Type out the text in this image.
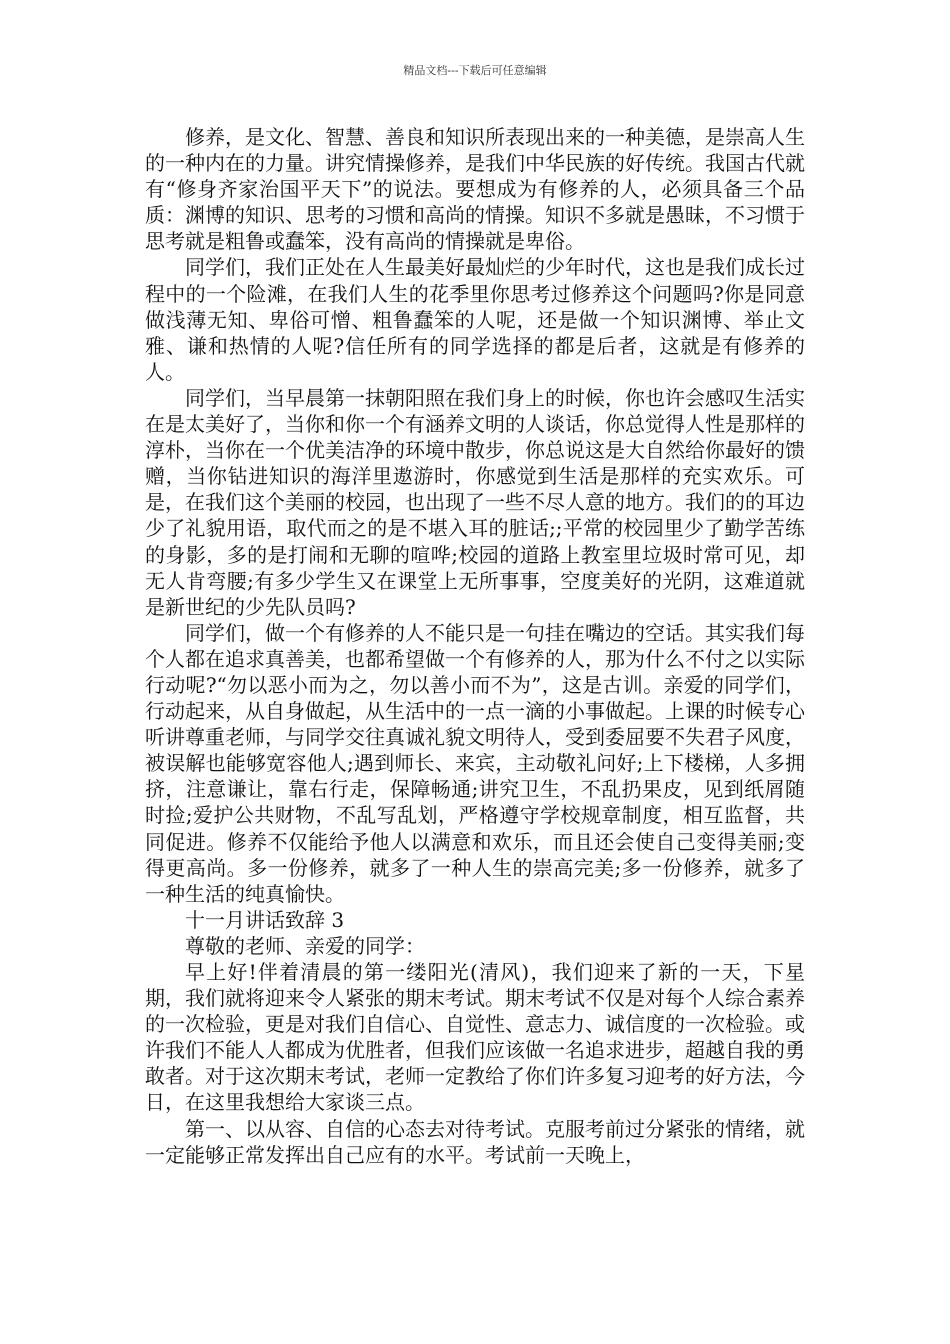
精品文档---下载后可任意编辑

修养，是文化、智慧、善良和知识所表现出来的一种美德，是崇高人生的一种内在的力量。讲究情操修养，是我们中华民族的好传统。我国古代就有“修身齐家治国平天下”的说法。要想成为有修养的人，必须具备三个品质：渊博的知识、思考的习惯和高尚的情操。知识不多就是愚昧，不习惯于思考就是粗鲁或蠢笨，没有高尚的情操就是卑俗。

同学们，我们正处在人生最美好最灿烂的少年时代，这也是我们成长过程中的一个险滩，在我们人生的花季里你思考过修养这个问题吗?你是同意做浅薄无知、卑俗可憎、粗鲁蠢笨的人呢，还是做一个知识渊博、举止文雅、谦和热情的人呢?信任所有的同学选择的都是后者，这就是有修养的人。

同学们，当早晨第一抹朝阳照在我们身上的时候，你也许会感叹生活实在是太美好了，当你和你一个有涵养文明的人谈话，你总觉得人性是那样的淳朴，当你在一个优美洁净的环境中散步，你总说这是大自然给你最好的馈赠，当你钻进知识的海洋里遨游时，你感觉到生活是那样的充实欢乐。可是，在我们这个美丽的校园，也出现了一些不尽人意的地方。我们的的耳边少了礼貌用语，取代而之的是不堪入耳的脏话;;平常的校园里少了勤学苦练的身影，多的是打闹和无聊的喧哗;校园的道路上教室里垃圾时常可见，却无人肯弯腰;有多少学生又在课堂上无所事事，空度美好的光阴，这难道就是新世纪的少先队员吗?

同学们，做一个有修养的人不能只是一句挂在嘴边的空话。其实我们每个人都在追求真善美，也都希望做一个有修养的人，那为什么不付之以实际行动呢?“勿以恶小而为之，勿以善小而不为”，这是古训。亲爱的同学们，行动起来，从自身做起，从生活中的一点一滴的小事做起。上课的时候专心听讲尊重老师，与同学交往真诚礼貌文明待人，受到委屈要不失君子风度，被误解也能够宽容他人;遇到师长、来宾，主动敬礼问好;上下楼梯，人多拥挤，注意谦让，靠右行走，保障畅通;讲究卫生，不乱扔果皮，见到纸屑随时捡;爱护公共财物，不乱写乱划，严格遵守学校规章制度，相互监督，共同促进。修养不仅能给予他人以满意和欢乐，而且还会使自己变得美丽;变得更高尚。多一份修养，就多了一种人生的崇高完美;多一份修养，就多了一种生活的纯真愉快。

十一月讲话致辞 3

尊敬的老师、亲爱的同学：

早上好!伴着清晨的第一缕阳光(清风)，我们迎来了新的一天，下星期，我们就将迎来令人紧张的期末考试。期末考试不仅是对每个人综合素养的一次检验，更是对我们自信心、自觉性、意志力、诚信度的一次检验。或许我们不能人人都成为优胜者，但我们应该做一名追求进步，超越自我的勇敢者。对于这次期末考试，老师一定教给了你们许多复习迎考的好方法，今日，在这里我想给大家谈三点。

第一、以从容、自信的心态去对待考试。克服考前过分紧张的情绪，就一定能够正常发挥出自己应有的水平。考试前一天晚上，
